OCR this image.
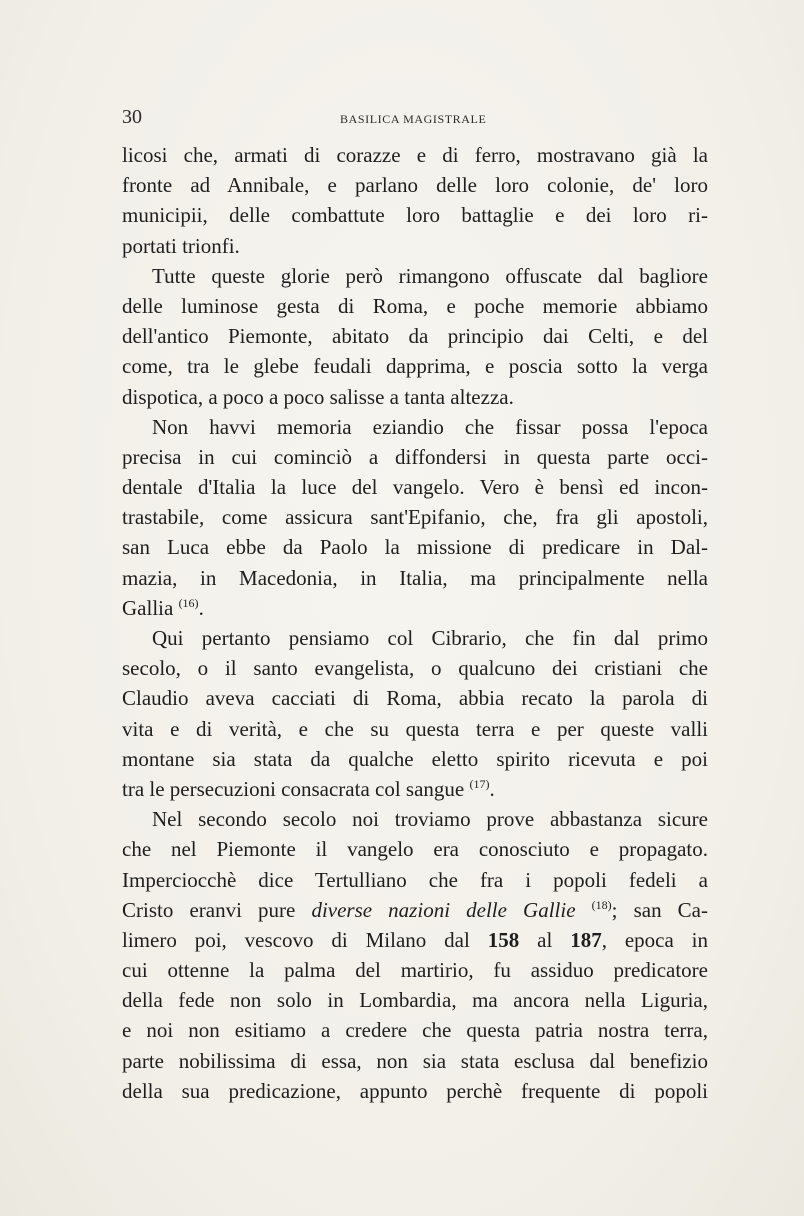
30	BASILICA MAGISTRALE
licosi che, armati di corazze e di ferro, mostravano già la
fronte ad Annibale, e parlano delle loro colonie, de' loro
municipii, delle combattute loro battaglie e dei loro ri-
portati trionfi.
Tutte queste glorie però rimangono offuscate dal bagliore
delle luminose gesta di Roma, e poche memorie abbiamo
dell'antico Piemonte, abitato da principio dai Celti, e del
come, tra le glebe feudali dapprima, e poscia sotto la verga
dispotica, a poco a poco salisse a tanta altezza.
Non havvi memoria eziandio che fissar possa l'epoca
precisa in cui cominciò a diffondersi in questa parte occi-
dentale d'Italia la luce del vangelo. Vero è bensì ed incon-
trastabile, come assicura sant'Epifanio, che, fra gli apostoli,
san Luca ebbe da Paolo la missione di predicare in Dal-
mazia, in Macedonia, in Italia, ma principalmente nella
Gallia $^{(16)}$.
Qui pertanto pensiamo col Cibrario, che fin dal primo
secolo, o il santo evangelista, o qualcuno dei cristiani che
Claudio aveva cacciati di Roma, abbia recato la parola di
vita e di verità, e che su questa terra e per queste valli
montane sia stata da qualche eletto spirito ricevuta e poi
tra le persecuzioni consacrata col sangue $^{(17)}$.
Nel secondo secolo noi troviamo prove abbastanza sicure
che nel Piemonte il vangelo era conosciuto e propagato.
Imperciocchè dice Tertulliano che fra i popoli fedeli a
Cristo eranvi pure diverse nazioni delle Gallie $^{(18)}$; san Ca-
limero poi, vescovo di Milano dal 158 al 187, epoca in
cui ottenne la palma del martirio, fu assiduo predicatore
della fede non solo in Lombardia, ma ancora nella Liguria,
e noi non esitiamo a credere che questa patria nostra terra,
parte nobilissima di essa, non sia stata esclusa dal benefizio
della sua predicazione, appunto perchè frequente di popoli
